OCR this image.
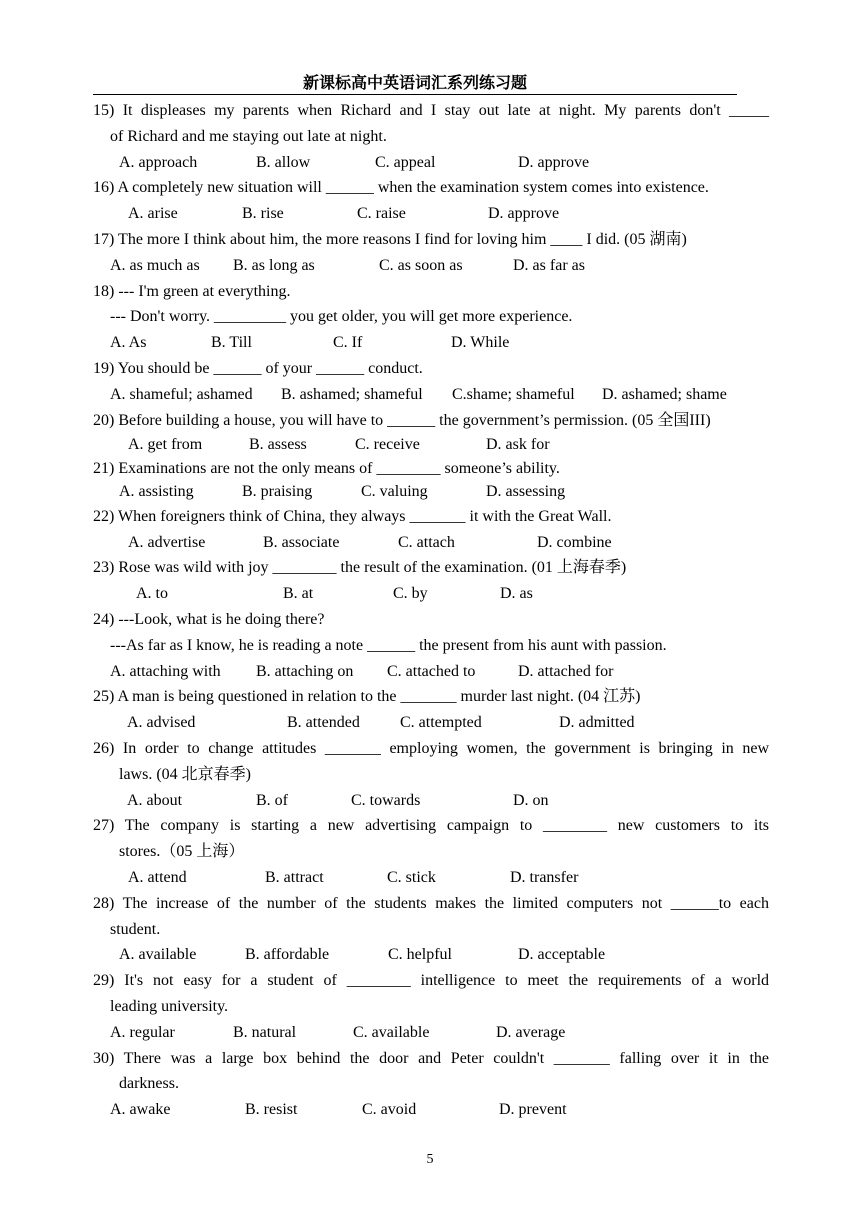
新课标高中英语词汇系列练习题
15) It displeases my parents when Richard and I stay out late at night. My parents don't _____
of Richard and me staying out late at night.
A. approach	B. allow	C. appeal	D. approve
16) A completely new situation will ______ when the examination system comes into existence.
A. arise	B. rise	C. raise	D. approve
17) The more I think about him, the more reasons I find for loving him ____ I did. (05 湖南)
A. as much as B. as long as	C. as soon as	D. as far as
18) --- I'm green at everything.
--- Don't worry. _________ you get older, you will get more experience.
A. As	B. Till	C. If	D. While
19) You should be ______ of your ______ conduct.
A. shameful; ashamed B. ashamed; shameful C.shame; shameful D. ashamed; shame
20) Before building a house, you will have to ______ the government’s permission. (05 全国III)
A. get from	B. assess	C. receive	D. ask for
21) Examinations are not the only means of ________ someone’s ability.
A. assisting	B. praising	C. valuing	D. assessing
22) When foreigners think of China, they always _______ it with the Great Wall.
A. advertise	B. associate	C. attach	D. combine
23) Rose was wild with joy ________ the result of the examination. (01 上海春季)
A. to	B. at	C. by	D. as
24) ---Look, what is he doing there?
---As far as I know, he is reading a note ______ the present from his aunt with passion.
A. attaching with B. attaching on C. attached to	D. attached for
25) A man is being questioned in relation to the _______ murder last night. (04 江苏)
A. advised	B. attended	C. attempted	D. admitted
26) In order to change attitudes _______ employing women, the government is bringing in new
laws. (04 北京春季)
A. about	B. of	C. towards	D. on
27) The company is starting a new advertising campaign to ________ new customers to its
stores.（05 上海）
A. attend	B. attract	C. stick	D. transfer
28) The increase of the number of the students makes the limited computers not ______to each
student.
A. available	B. affordable	C. helpful	D. acceptable
29) It's not easy for a student of ________ intelligence to meet the requirements of a world
leading university.
A. regular	B. natural	C. available	D. average
30) There was a large box behind the door and Peter couldn't _______ falling over it in the
darkness.
A. awake	B. resist	C. avoid	D. prevent
5
